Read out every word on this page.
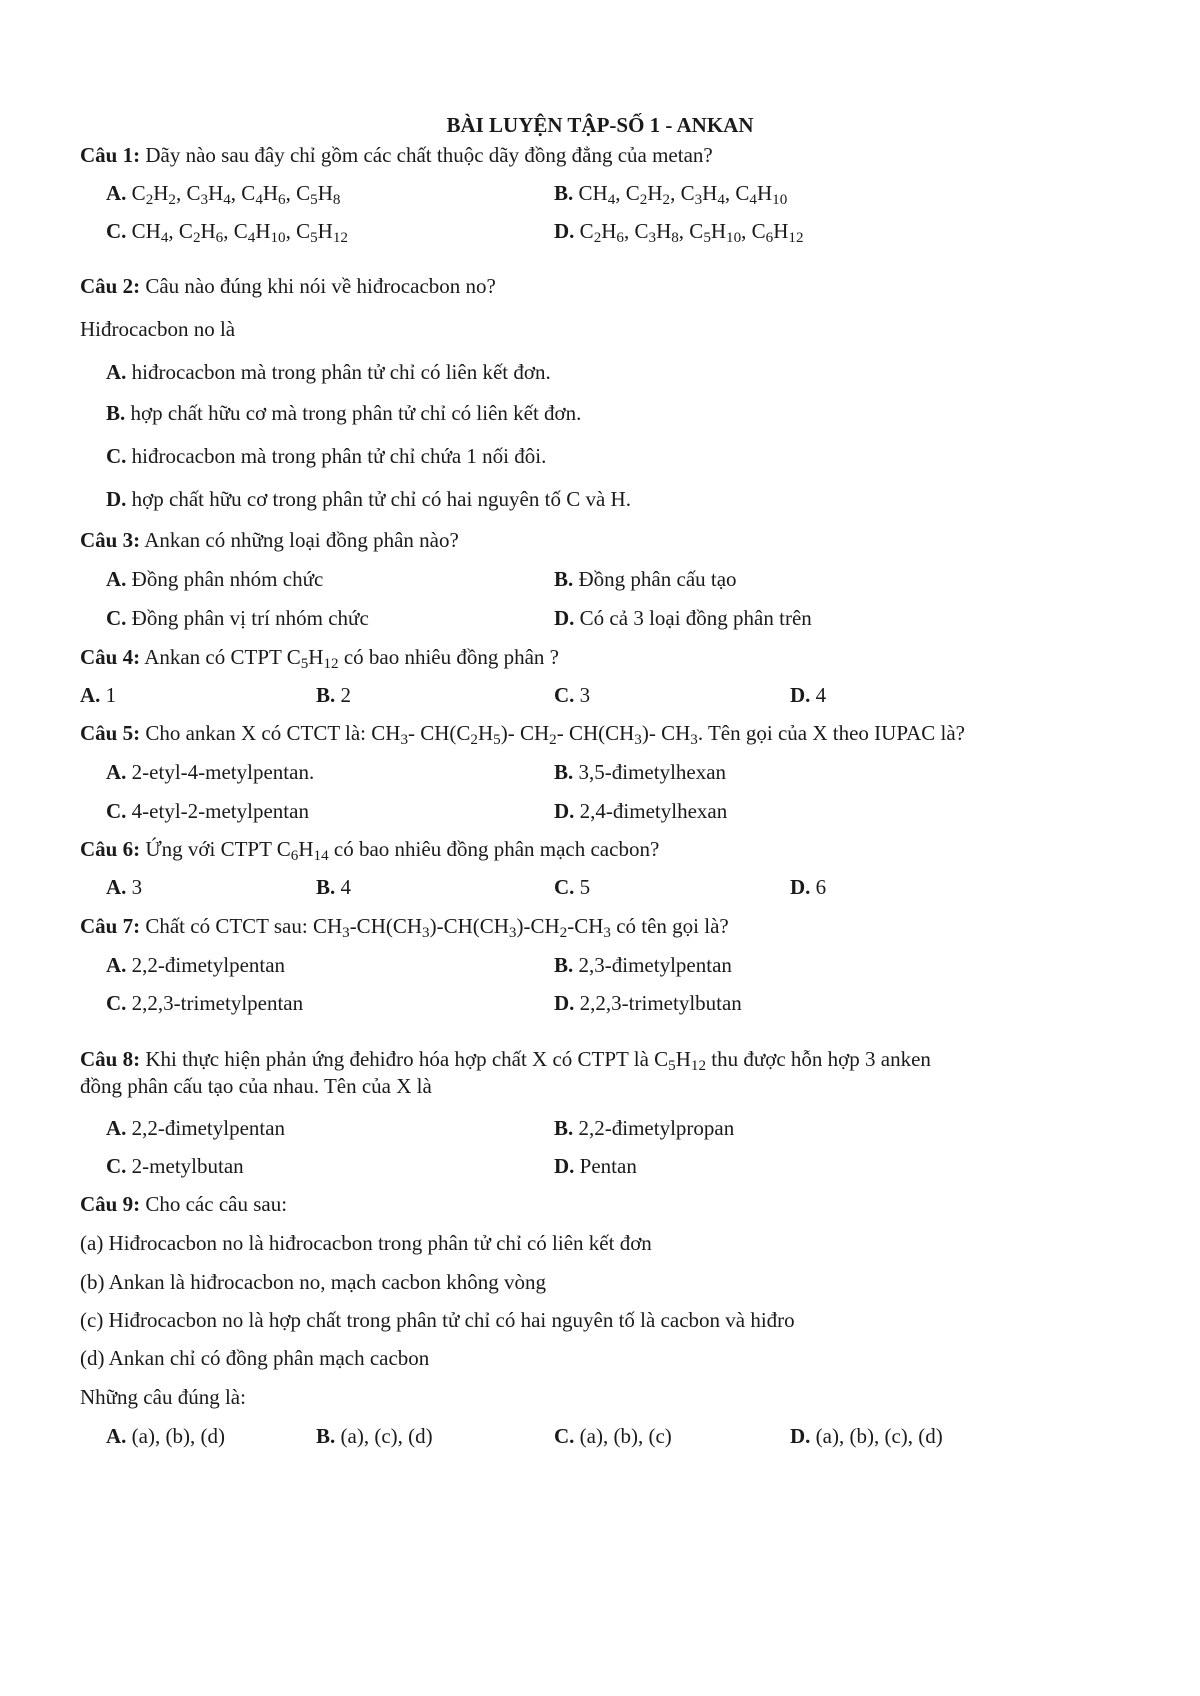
BÀI LUYỆN TẬP-SỐ 1 - ANKAN
Câu 1: Dãy nào sau đây chỉ gồm các chất thuộc dãy đồng đẳng của metan?
A. $C_2H_2$, $C_3H_4$, $C_4H_6$, $C_5H_8$	B. $CH_4$, $C_2H_2$, $C_3H_4$, $C_4H_{10}$
C. $CH_4$, $C_2H_6$, $C_4H_{10}$, $C_5H_{12}$	D. $C_2H_6$, $C_3H_8$, $C_5H_{10}$, $C_6H_{12}$
Câu 2: Câu nào đúng khi nói về hiđrocacbon no?
Hiđrocacbon no là
A. hiđrocacbon mà trong phân tử chỉ có liên kết đơn.
B. hợp chất hữu cơ mà trong phân tử chỉ có liên kết đơn.
C. hiđrocacbon mà trong phân tử chỉ chứa 1 nối đôi.
D. hợp chất hữu cơ trong phân tử chỉ có hai nguyên tố C và H.
Câu 3: Ankan có những loại đồng phân nào?
A. Đồng phân nhóm chức	B. Đồng phân cấu tạo
C. Đồng phân vị trí nhóm chức	D. Có cả 3 loại đồng phân trên
Câu 4: Ankan có CTPT $C_5H_{12}$ có bao nhiêu đồng phân ?
A. 1	B. 2	C. 3	D. 4
Câu 5: Cho ankan X có CTCT là: $CH_3-$ $CH(C_2H_5)-$ $CH_2-$ $CH(CH_3)-$ $CH_3$. Tên gọi của X theo IUPAC là?
A. 2-etyl-4-metylpentan.	B. 3,5-đimetylhexan
C. 4-etyl-2-metylpentan	D. 2,4-đimetylhexan
Câu 6: Ứng với CTPT $C_6H_{14}$ có bao nhiêu đồng phân mạch cacbon?
A. 3	B. 4	C. 5	D. 6
Câu 7: Chất có CTCT sau: $CH_3-CH(CH_3)-CH(CH_3)-CH_2-CH_3$ có tên gọi là?
A. 2,2-đimetylpentan	B. 2,3-đimetylpentan
C. 2,2,3-trimetylpentan	D. 2,2,3-trimetylbutan
Câu 8: Khi thực hiện phản ứng đehiđro hóa hợp chất X có CTPT là $C_5H_{12}$ thu được hỗn hợp 3 anken
đồng phân cấu tạo của nhau. Tên của X là
A. 2,2-đimetylpentan	B. 2,2-đimetylpropan
C. 2-metylbutan	D. Pentan
Câu 9: Cho các câu sau:
(a) Hiđrocacbon no là hiđrocacbon trong phân tử chỉ có liên kết đơn
(b) Ankan là hiđrocacbon no, mạch cacbon không vòng
(c) Hiđrocacbon no là hợp chất trong phân tử chỉ có hai nguyên tố là cacbon và hiđro
(d) Ankan chỉ có đồng phân mạch cacbon
Những câu đúng là:
A. (a), (b), (d)	B. (a), (c), (d)	C. (a), (b), (c)	D. (a), (b), (c), (d)
